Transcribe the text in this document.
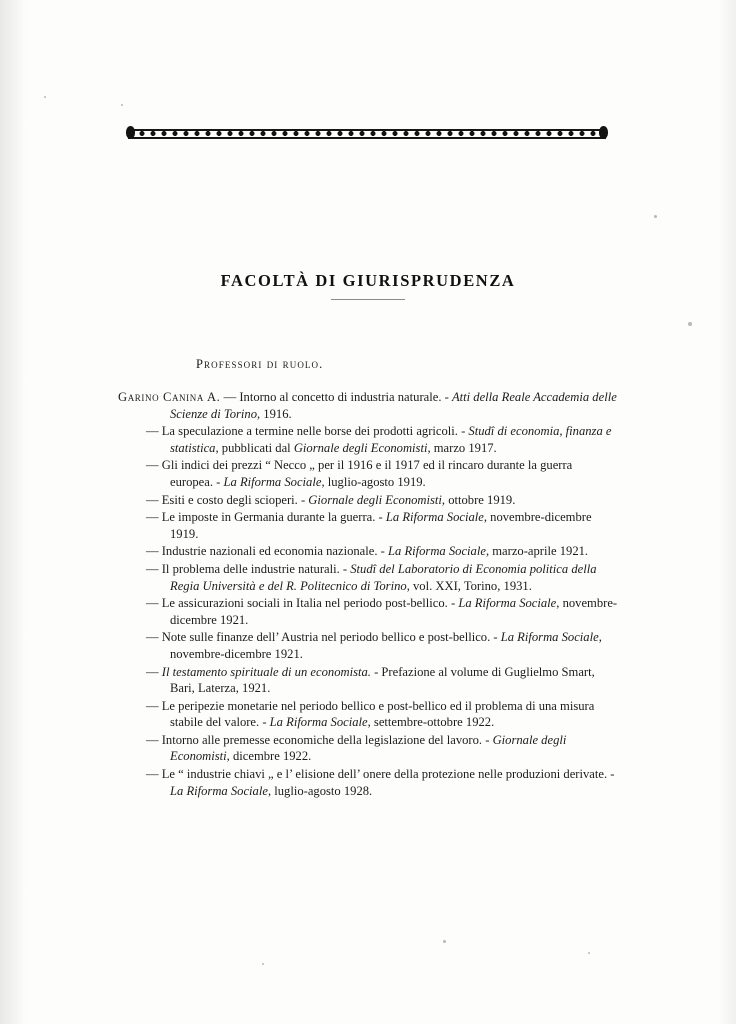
FACOLTÀ DI GIURISPRUDENZA
Professori di ruolo.
Garino Canina A. — Intorno al concetto di industria naturale. - Atti della Reale Accademia delle Scienze di Torino, 1916.
— La speculazione a termine nelle borse dei prodotti agricoli. - Studî di economia, finanza e statistica, pubblicati dal Giornale degli Economisti, marzo 1917.
— Gli indici dei prezzi “ Necco „ per il 1916 e il 1917 ed il rincaro durante la guerra europea. - La Riforma Sociale, luglio-agosto 1919.
— Esiti e costo degli scioperi. - Giornale degli Economisti, ottobre 1919.
— Le imposte in Germania durante la guerra. - La Riforma Sociale, novembre-dicembre 1919.
— Industrie nazionali ed economia nazionale. - La Riforma Sociale, marzo-aprile 1921.
— Il problema delle industrie naturali. - Studî del Laboratorio di Economia politica della Regia Università e del R. Politecnico di Torino, vol. XXI, Torino, 1931.
— Le assicurazioni sociali in Italia nel periodo post-bellico. - La Riforma Sociale, novembre-dicembre 1921.
— Note sulle finanze dell’ Austria nel periodo bellico e post-bellico. - La Riforma Sociale, novembre-dicembre 1921.
— Il testamento spirituale di un economista. - Prefazione al volume di Guglielmo Smart, Bari, Laterza, 1921.
— Le peripezie monetarie nel periodo bellico e post-bellico ed il problema di una misura stabile del valore. - La Riforma Sociale, settembre-ottobre 1922.
— Intorno alle premesse economiche della legislazione del lavoro. - Giornale degli Economisti, dicembre 1922.
— Le “ industrie chiavi „ e l’ elisione dell’ onere della protezione nelle produzioni derivate. - La Riforma Sociale, luglio-agosto 1928.
